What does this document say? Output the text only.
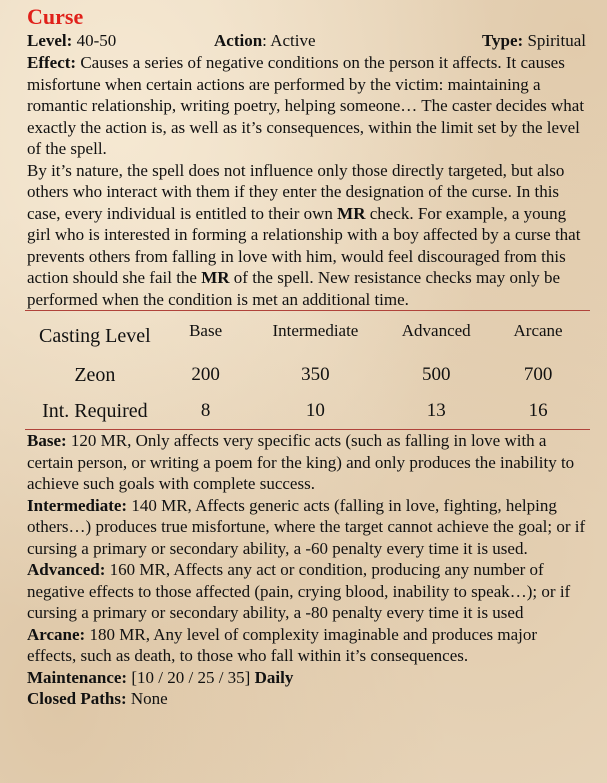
Curse
Level: 40-50	Action: Active	Type: Spiritual

Effect: Causes a series of negative conditions on the person it affects. It causes misfortune when certain actions are performed by the victim: maintaining a romantic relationship, writing poetry, helping someone… The caster decides what exactly the action is, as well as it’s consequences, within the limit set by the level of the spell.

By it’s nature, the spell does not influence only those directly targeted, but also others who interact with them if they enter the designation of the curse. In this case, every individual is entitled to their own MR check. For example, a young girl who is interested in forming a relationship with a boy affected by a curse that prevents others from falling in love with him, would feel discouraged from this action should she fail the MR of the spell. New resistance checks may only be performed when the condition is met an additional time.

Casting Level	Base	Intermediate	Advanced	Arcane
Zeon	200	350	500	700
Int. Required	8	10	13	16

Base: 120 MR, Only affects very specific acts (such as falling in love with a certain person, or writing a poem for the king) and only produces the inability to achieve such goals with complete success.

Intermediate: 140 MR, Affects generic acts (falling in love, fighting, helping others…) produces true misfortune, where the target cannot achieve the goal; or if cursing a primary or secondary ability, a -60 penalty every time it is used.

Advanced: 160 MR, Affects any act or condition, producing any number of negative effects to those affected (pain, crying blood, inability to speak…); or if cursing a primary or secondary ability, a -80 penalty every time it is used

Arcane: 180 MR, Any level of complexity imaginable and produces major effects, such as death, to those who fall within it’s consequences.

Maintenance: [10 / 20 / 25 / 35] Daily

Closed Paths: None
